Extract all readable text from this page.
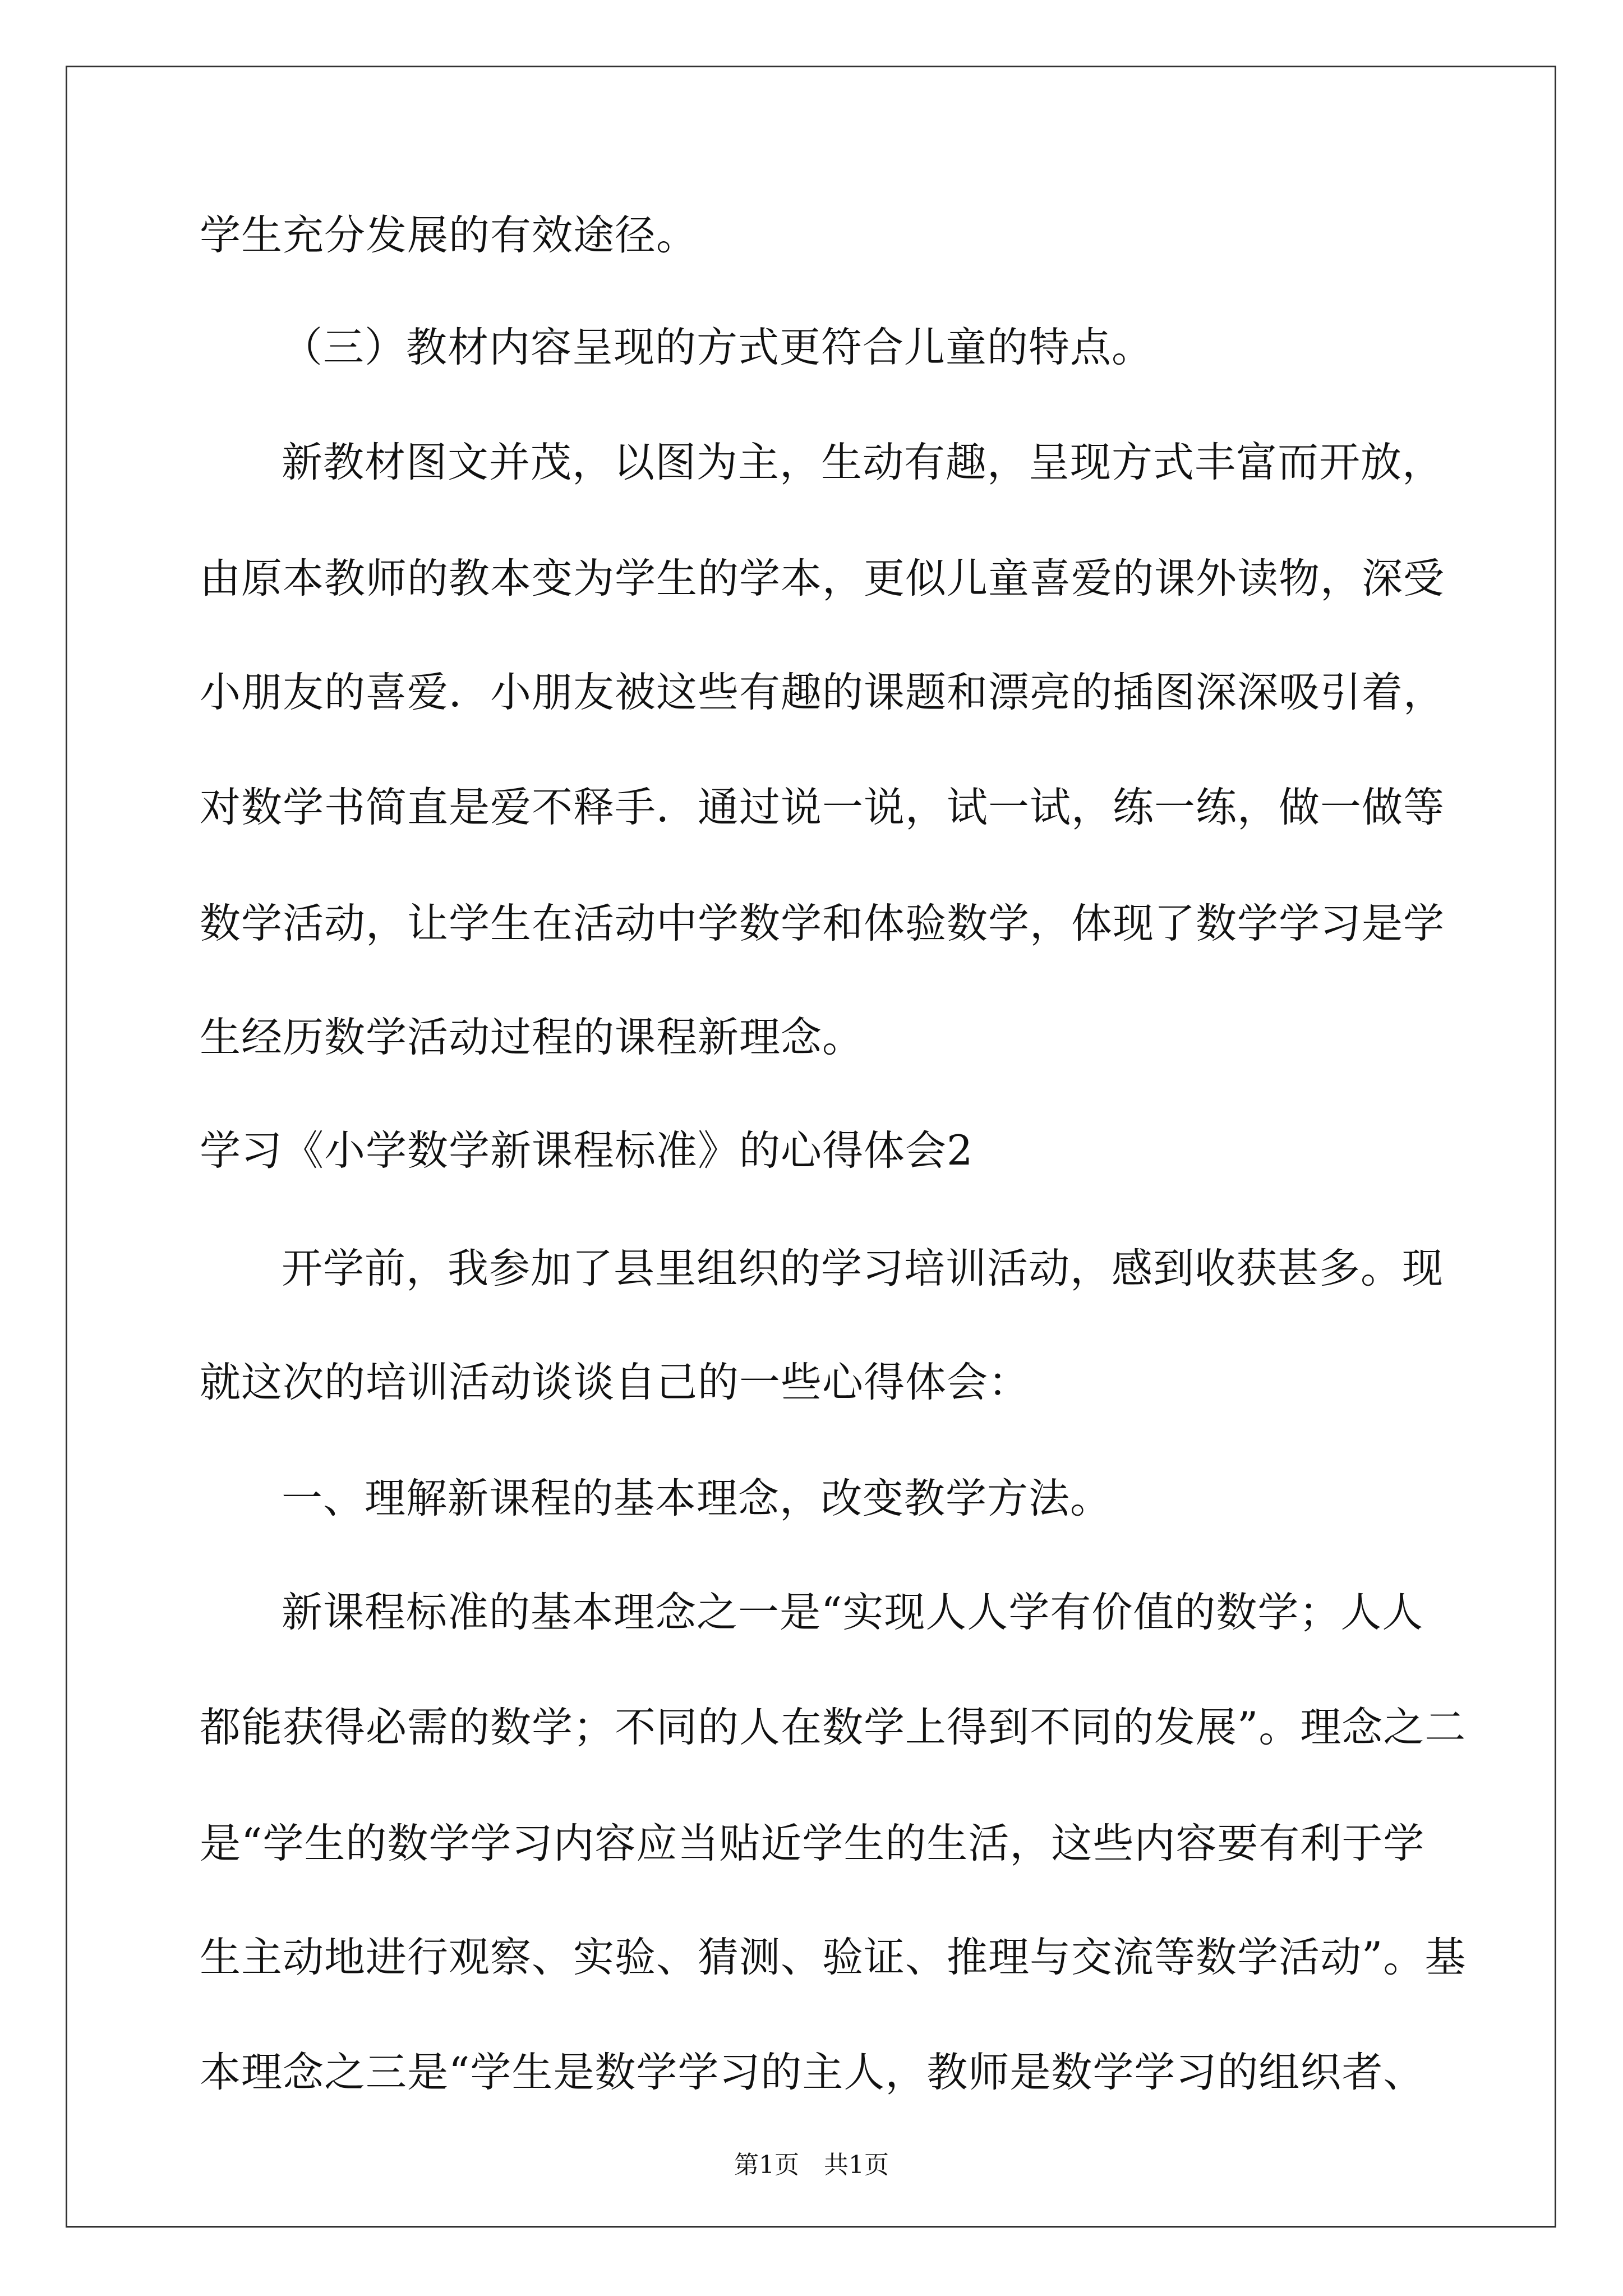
学生充分发展的有效途径。
（三）教材内容呈现的方式更符合儿童的特点。
新教材图文并茂，以图为主，生动有趣，呈现方式丰富而开放，
由原本教师的教本变为学生的学本，更似儿童喜爱的课外读物，深受
小朋友的喜爱．小朋友被这些有趣的课题和漂亮的插图深深吸引着，
对数学书简直是爱不释手．通过说一说，试一试，练一练，做一做等
数学活动，让学生在活动中学数学和体验数学，体现了数学学习是学
生经历数学活动过程的课程新理念。
学习《小学数学新课程标准》的心得体会2
开学前，我参加了县里组织的学习培训活动，感到收获甚多。现
就这次的培训活动谈谈自己的一些心得体会：
一、理解新课程的基本理念，改变教学方法。
新课程标准的基本理念之一是“实现人人学有价值的数学；人人
都能获得必需的数学；不同的人在数学上得到不同的发展”。理念之二
是“学生的数学学习内容应当贴近学生的生活，这些内容要有利于学
生主动地进行观察、实验、猜测、验证、推理与交流等数学活动”。基
本理念之三是“学生是数学学习的主人，教师是数学学习的组织者、
第1页　共1页
